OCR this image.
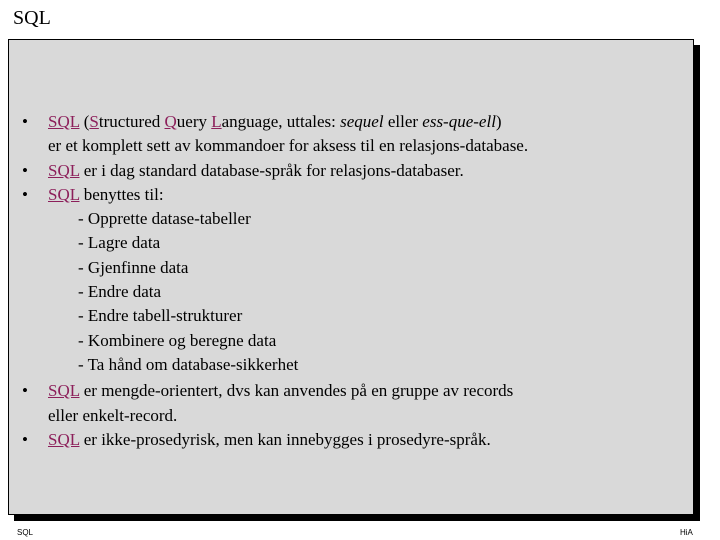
SQL
• SQL (Structured Query Language, uttales: sequel eller ess-que-ell)
er et komplett sett av kommandoer for aksess til en relasjons-database.
• SQL er i dag standard database-språk for relasjons-databaser.
• SQL benyttes til:
- Opprette datase-tabeller
- Lagre data
- Gjenfinne data
- Endre data
- Endre tabell-strukturer
- Kombinere og beregne data
- Ta hånd om database-sikkerhet
• SQL er mengde-orientert, dvs kan anvendes på en gruppe av records
eller enkelt-record.
• SQL er ikke-prosedyrisk, men kan innebygges i prosedyre-språk.
SQL	HiA
